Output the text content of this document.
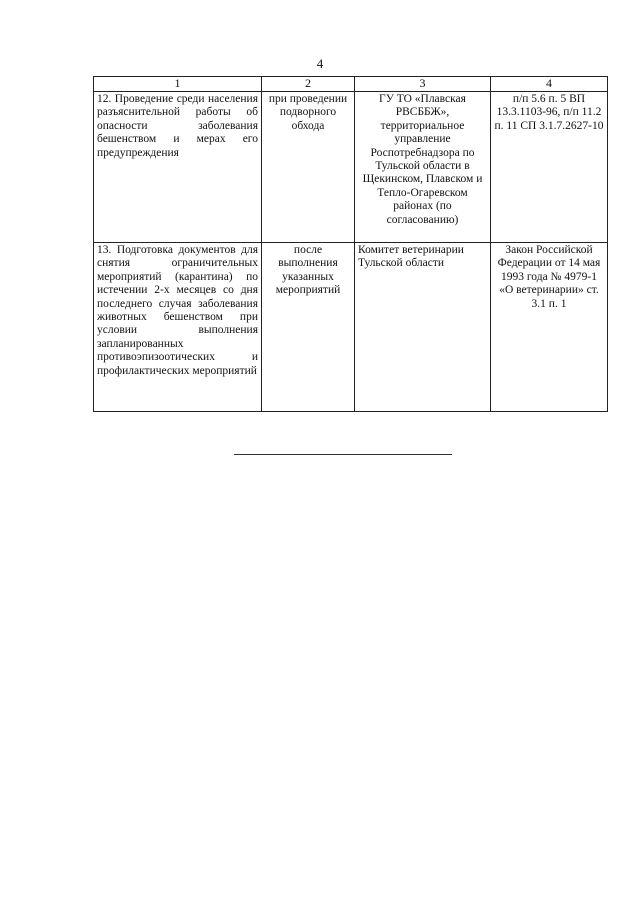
4
1	2	3	4
12. Проведение среди населения разъяснительной работы об опасности заболевания бешенством и мерах его предупреждения	при проведении подворного обхода	ГУ ТО «Плавская РВСББЖ», территориальное управление Роспотребнадзора по Тульской области в Щекинском, Плавском и Тепло-Огаревском районах (по согласованию)	п/п 5.6 п. 5 ВП 13.3.1103-96, п/п 11.2 п. 11 СП 3.1.7.2627-10
13. Подготовка документов для снятия ограничительных мероприятий (карантина) по истечении 2-х месяцев со дня последнего случая заболевания животных бешенством при условии выполнения запланированных противоэпизоотических и профилактических мероприятий	после выполнения указанных мероприятий	Комитет ветеринарии Тульской области	Закон Российской Федерации от 14 мая 1993 года № 4979-1 «О ветеринарии» ст. 3.1 п. 1
